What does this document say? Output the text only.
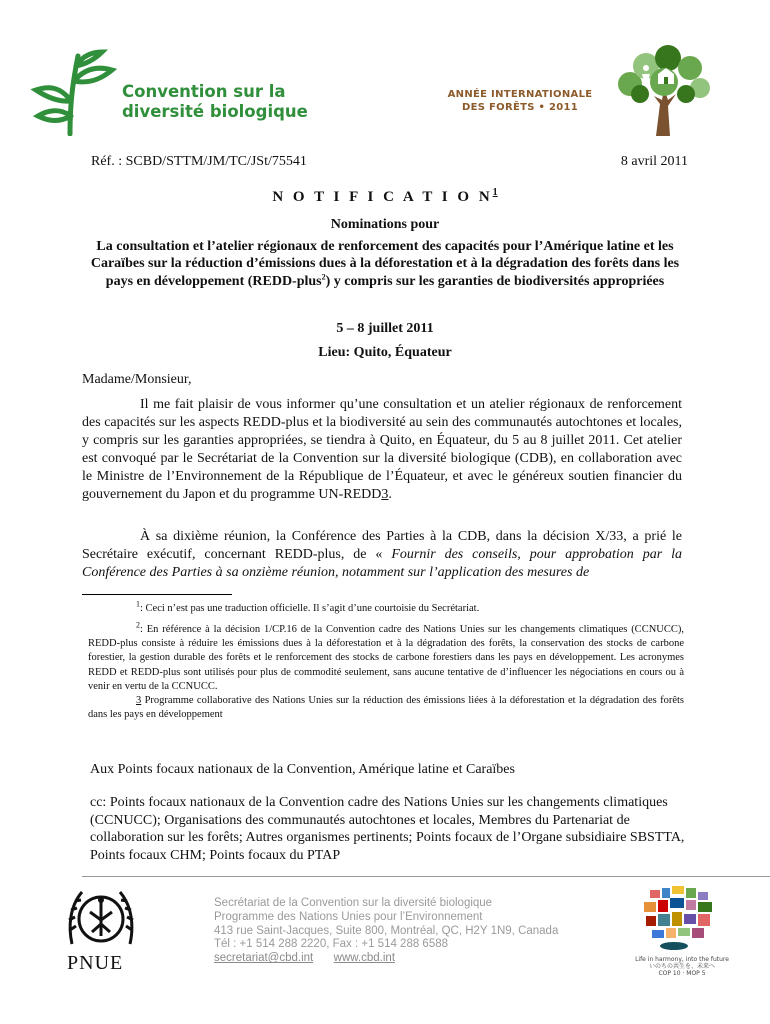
Convention sur la
diversité biologique
ANNÉE INTERNATIONALE
DES FORÊTS • 2011
Réf. : SCBD/STTM/JM/TC/JSt/75541	8 avril 2011
N O T I F I C A T I O $N^1$
Nominations pour
La consultation et l’atelier régionaux de renforcement des capacités pour l’Amérique latine et les Caraïbes sur la réduction d’émissions dues à la déforestation et à la dégradation des forêts dans les pays en développement (REDD-plus$^2$) y compris sur les garanties de biodiversités appropriées
5 – 8 juillet 2011
Lieu: Quito, Équateur
Madame/Monsieur,

Il me fait plaisir de vous informer qu’une consultation et un atelier régionaux de renforcement des capacités sur les aspects REDD-plus et la biodiversité au sein des communautés autochtones et locales, y compris sur les garanties appropriées, se tiendra à Quito, en Équateur, du 5 au 8 juillet 2011. Cet atelier est convoqué par le Secrétariat de la Convention sur la diversité biologique (CDB), en collaboration avec le Ministre de l’Environnement de la République de l’Équateur, et avec le généreux soutien financier du gouvernement du Japon et du programme UN-REDD3.

À sa dixième réunion, la Conférence des Parties à la CDB, dans la décision X/33, a prié le Secrétaire exécutif, concernant REDD-plus, de « Fournir des conseils, pour approbation par la Conférence des Parties à sa onzième réunion, notamment sur l’application des mesures de

$^1$: Ceci n’est pas une traduction officielle. Il s’agit d’une courtoisie du Secrétariat.

$^2$: En référence à la décision 1/CP.16 de la Convention cadre des Nations Unies sur les changements climatiques (CCNUCC), REDD-plus consiste à réduire les émissions dues à la déforestation et à la dégradation des forêts, la conservation des stocks de carbone forestier, la gestion durable des forêts et le renforcement des stocks de carbone forestiers dans les pays en développement. Les acronymes REDD et REDD-plus sont utilisés pour plus de commodité seulement, sans aucune tentative de d’influencer les négociations en cours ou à venir en vertu de la CCNUCC.

3 Programme collaborative des Nations Unies sur la réduction des émissions liées à la déforestation et la dégradation des forêts dans les pays en développement

Aux Points focaux nationaux de la Convention, Amérique latine et Caraïbes

cc: Points focaux nationaux de la Convention cadre des Nations Unies sur les changements climatiques (CCNUCC); Organisations des communautés autochtones et locales, Membres du Partenariat de collaboration sur les forêts; Autres organismes pertinents; Points focaux de l’Organe subsidiaire SBSTTA, Points focaux CHM; Points focaux du PTAP

PNUE
Secrétariat de la Convention sur la diversité biologique
Programme des Nations Unies pour l’Environnement
413 rue Saint-Jacques, Suite 800, Montréal, QC, H2Y 1N9, Canada
Tél : +1 514 288 2220, Fax : +1 514 288 6588
secretariat@cbd.int www.cbd.int	Life in harmony, into the future
いのちの共生を、未来へ
COP 10 · MOP 5
